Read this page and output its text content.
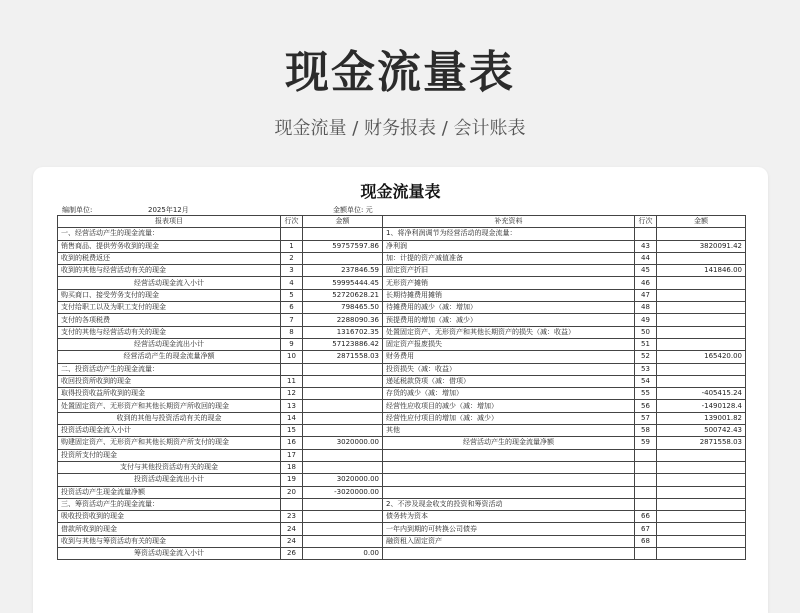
现金流量表
现金流量 / 财务报表 / 会计账表
现金流量表
编制单位:	2025年12月	金额单位: 元
报表项目	行次	金额	补充资料	行次	金额
一、经营活动产生的现金流量：			1、将净利润调节为经营活动的现金流量：		
销售商品、提供劳务收到的现金	1	59757597.86	净利润	43	3820091.42
收到的税费返还	2		加：计提的资产减值准备	44	
收到的其他与经营活动有关的现金	3	237846.59	固定资产折旧	45	141846.00
经营活动现金流入小计	4	59995444.45	无形资产摊销	46	
购买商口、接受劳务支付的现金	5	52720628.21	长期待摊费用摊销	47	
支付给职工以及为职工支付的现金	6	798465.50	待摊费用的减少（减：增加）	48	
支付的各项税费	7	2288090.36	预提费用的增加（减：减少）	49	
支付的其他与经营活动有关的现金	8	1316702.35	处置固定资产、无形资产和其他长期资产的损失（减：收益）	50	
经营活动现金流出小计	9	57123886.42	固定资产报废损失	51	
经营活动产生的现金流量净额	10	2871558.03	财务费用	52	165420.00
二、投资活动产生的现金流量：			投资损失（减：收益）	53	
收回投资所收到的现金	11		递延税款贷项（减：借项）	54	
取得投资收益所收到的现金	12		存货的减少（减：增加）	55	-405415.24
处置固定资产、无形资产和其他长期资产所收回的现金	13		经营性应收项目的减少（减：增加）	56	-1490128.4
收到的其他与投资活动有关的现金	14		经营性应付项目的增加（减：减少）	57	139001.82
投资活动现金流入小计	15		其他	58	500742.43
购建固定资产、无形资产和其他长期资产所支付的现金	16	3020000.00	经营活动产生的现金流量净额	59	2871558.03
投资所支付的现金	17				
支付与其他投资活动有关的现金	18				
投资活动现金流出小计	19	3020000.00			
投资活动产生现金流量净额	20	-3020000.00			
三、筹资活动产生的现金流量：			2、不涉及现金收支的投资和筹资活动		
吸收投资收到的现金	23		债务转为资本	66	
借款所收到的现金	24		一年内到期的可转换公司债券	67	
收到与其他与筹资活动有关的现金	24		融资租入固定资产	68	
筹资活动现金流入小计	26	0.00			
